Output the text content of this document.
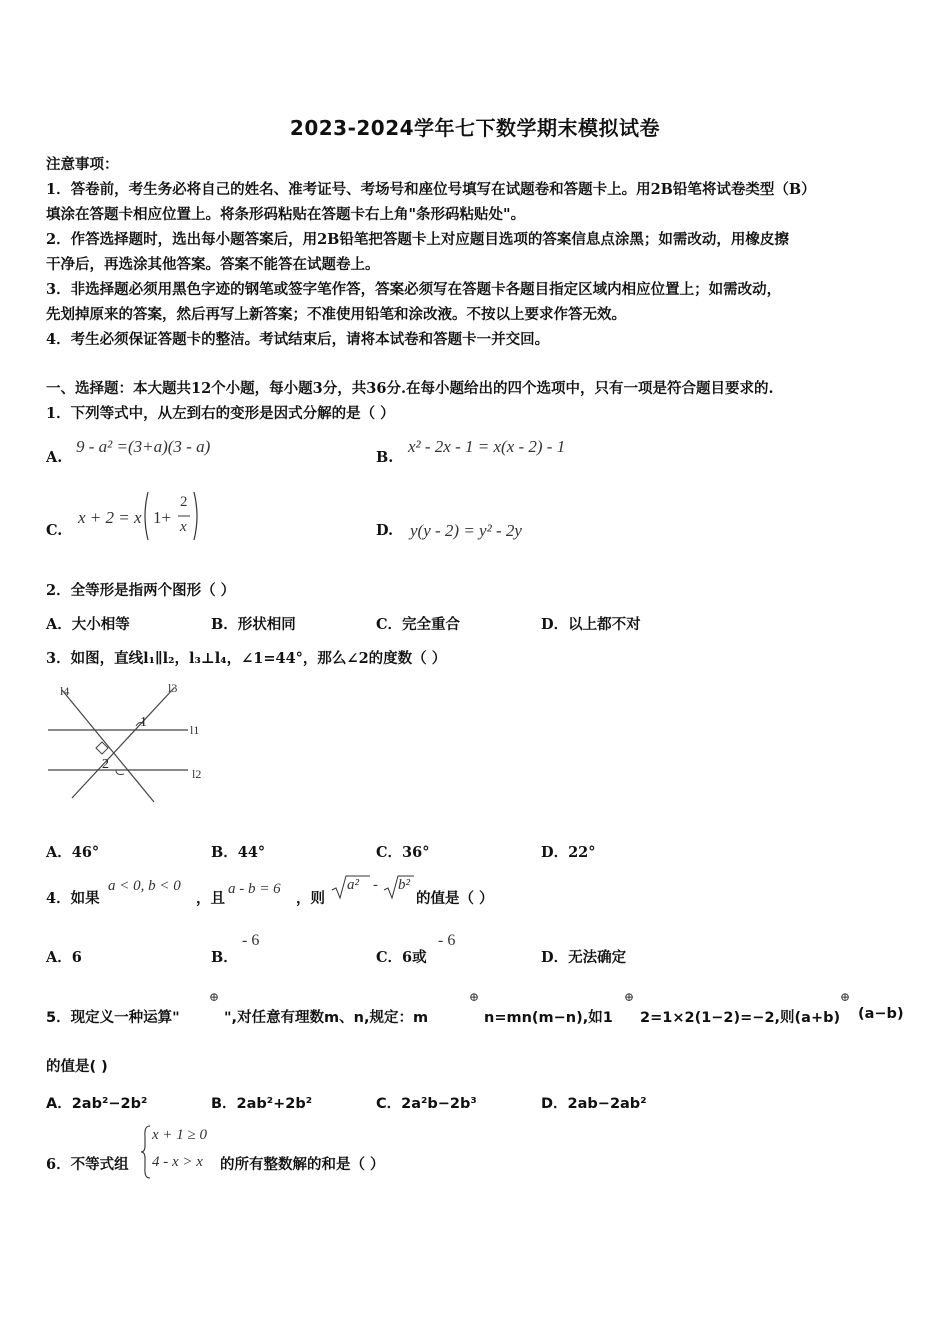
2023-2024学年七下数学期末模拟试卷
注意事项：
1．答卷前，考生务必将自己的姓名、准考证号、考场号和座位号填写在试题卷和答题卡上。用2B铅笔将试卷类型（B）
填涂在答题卡相应位置上。将条形码粘贴在答题卡右上角"条形码粘贴处"。
2．作答选择题时，选出每小题答案后，用2B铅笔把答题卡上对应题目选项的答案信息点涂黑；如需改动，用橡皮擦
干净后，再选涂其他答案。答案不能答在试题卷上。
3．非选择题必须用黑色字迹的钢笔或签字笔作答，答案必须写在答题卡各题目指定区域内相应位置上；如需改动，
先划掉原来的答案，然后再写上新答案；不准使用铅笔和涂改液。不按以上要求作答无效。
4．考生必须保证答题卡的整洁。考试结束后，请将本试卷和答题卡一并交回。
一、选择题：本大题共12个小题，每小题3分，共36分.在每小题给出的四个选项中，只有一项是符合题目要求的.
1．下列等式中，从左到右的变形是因式分解的是（ ）
A.
9 - a² =(3+a)(3 - a)
B.
x² - 2x - 1 = x(x - 2) - 1
C.
x + 2 = x 1+
2
x	D. y(y - 2) = y² - 2y
2．全等形是指两个图形（ ）
A．大小相等	B．形状相同	C．完全重合	D．以上都不对
3．如图，直线l₁∥l₂，l₃⊥l₄，∠1=44°，那么∠2的度数（ ）
l4	l3
l1
l2
1
2
A．46°	B．44°	C．36°	D．22°
4．如果
a < 0, b < 0
，且
a - b = 6
，则
a² - b²
的值是（ ）
A．6	B．
- 6
C．6或
- 6
D．无法确定
5．现定义一种运算"
⊕
",对任意有理数m、n,规定：m
⊕
n=mn(m−n),如1
⊕
2=1×2(1−2)=−2,则(a+b)
⊕
(a−b)
的值是( )
A．2ab²−2b²	B．2ab²+2b²	C．2a²b−2b³	D．2ab−2ab²
6．不等式组
x + 1 ≥ 0
4 - x > x 的所有整数解的和是（ ）
